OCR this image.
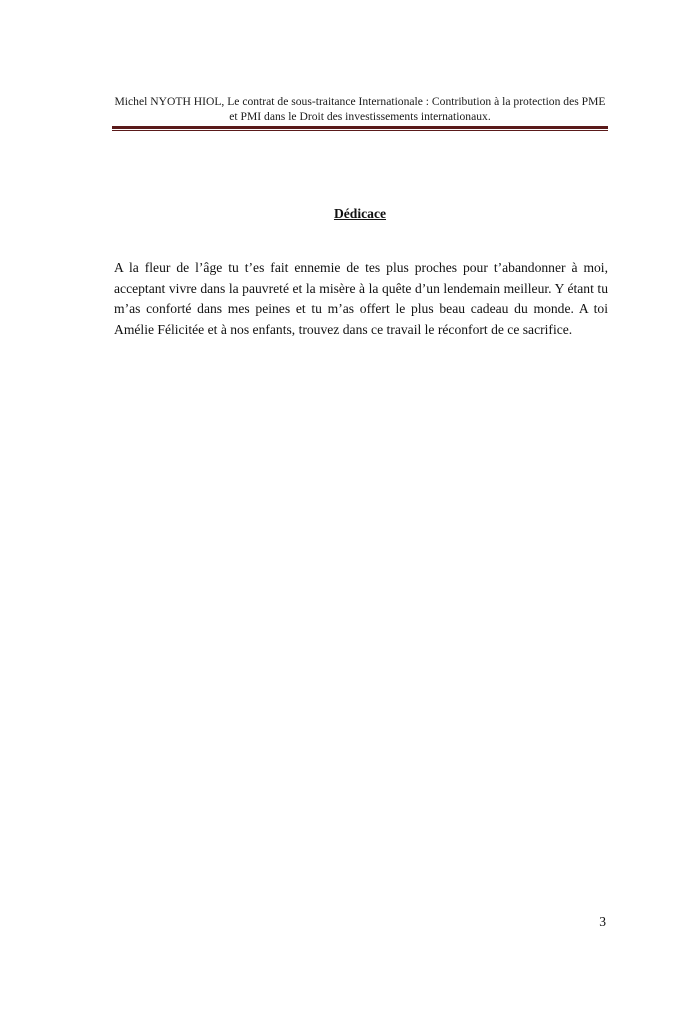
Michel NYOTH HIOL, Le contrat de sous-traitance Internationale : Contribution à la protection des PME et PMI dans le Droit des investissements internationaux.
Dédicace
A la fleur de l’âge tu t’es fait ennemie de tes plus proches pour t’abandonner à moi, acceptant vivre dans la pauvreté et la misère à la quête d’un lendemain meilleur. Y étant tu m’as conforté dans mes peines et tu m’as offert le plus beau cadeau du monde. A toi Amélie Félicitée et à nos enfants, trouvez dans ce travail le réconfort de ce sacrifice.
3
